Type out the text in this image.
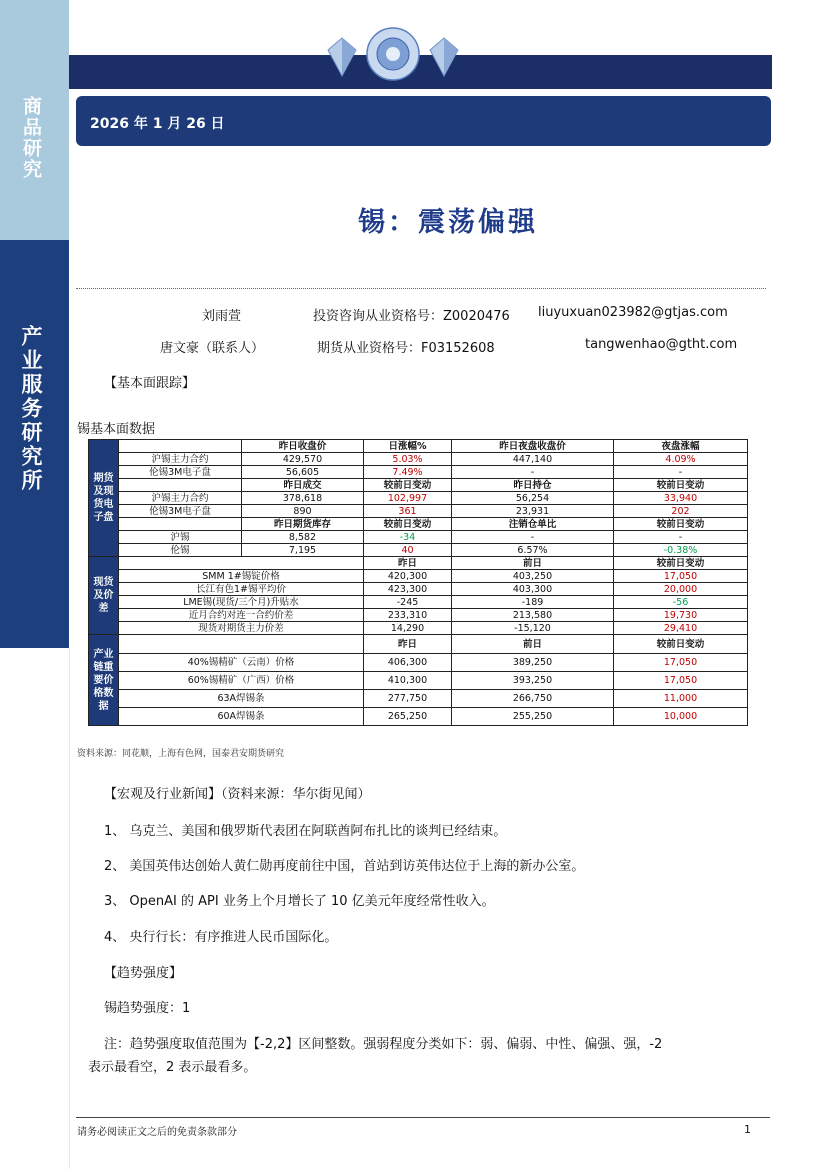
商品研究
产业服务研究所
2026 年 1 月 26 日
锡：震荡偏强
刘雨萱	投资咨询从业资格号：Z0020476 liuyuxuan023982@gtjas.com
唐文豪（联系人）	期货从业资格号：F03152608	tangwenhao@gtht.com
【基本面跟踪】
锡基本面数据
期货及现货电子盘		昨日收盘价	日涨幅%	昨日夜盘收盘价	夜盘涨幅
	沪锡主力合约	429,570	5.03%	447,140	4.09%
	伦锡3M电子盘	56,605	7.49%	-	-
		昨日成交	较前日变动	昨日持仓	较前日变动
	沪锡主力合约	378,618	102,997	56,254	33,940
	伦锡3M电子盘	890	361	23,931	202
		昨日期货库存	较前日变动	注销仓单比	较前日变动
	沪锡	8,582	-34	-	-
	伦锡	7,195	40	6.57%	-0.38%
现货及价差			昨日	前日	较前日变动
	SMM 1#锡锭价格		420,300	403,250	17,050
	长江有色1#锡平均价		423,300	403,300	20,000
	LME锡(现货/三个月)升贴水		-245	-189	-56
	近月合约对连一合约价差		233,310	213,580	19,730
	现货对期货主力价差		14,290	-15,120	29,410
产业链重要价格数据			昨日	前日	较前日变动
	40%锡精矿（云南）价格		406,300	389,250	17,050
	60%锡精矿（广西）价格		410,300	393,250	17,050
	63A焊锡条		277,750	266,750	11,000
	60A焊锡条		265,250	255,250	10,000
资料来源：同花顺，上海有色网，国泰君安期货研究
【宏观及行业新闻】（资料来源：华尔街见闻）
1、 乌克兰、美国和俄罗斯代表团在阿联酋阿布扎比的谈判已经结束。
2、 美国英伟达创始人黄仁勋再度前往中国，首站到访英伟达位于上海的新办公室。
3、 OpenAI 的 API 业务上个月增长了 10 亿美元年度经常性收入。
4、 央行行长：有序推进人民币国际化。
【趋势强度】
锡趋势强度：1
注：趋势强度取值范围为【-2,2】区间整数。强弱程度分类如下：弱、偏弱、中性、偏强、强，-2
表示最看空，2 表示最看多。
请务必阅读正文之后的免责条款部分	1
